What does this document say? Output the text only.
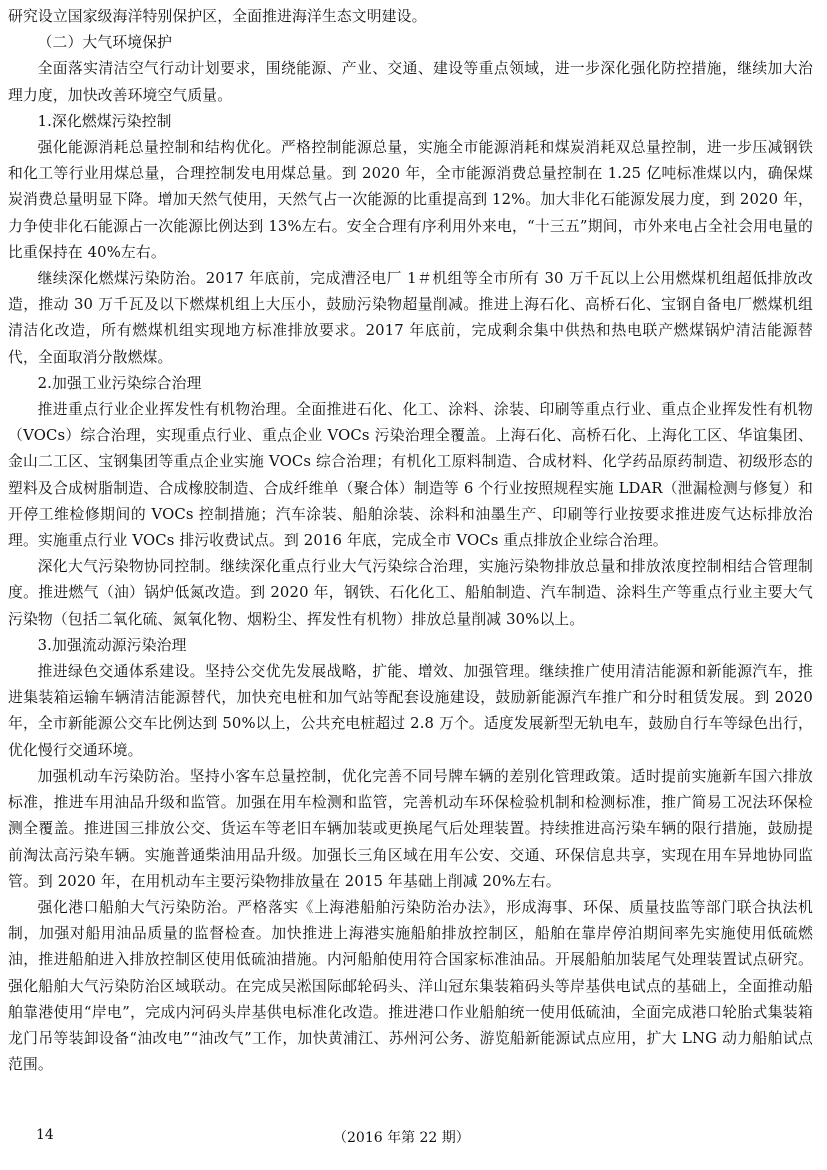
研究设立国家级海洋特别保护区，全面推进海洋生态文明建设。

（二）大气环境保护

全面落实清洁空气行动计划要求，围绕能源、产业、交通、建设等重点领域，进一步深化强化防控措施，继续加大治理力度，加快改善环境空气质量。

1.深化燃煤污染控制

强化能源消耗总量控制和结构优化。严格控制能源总量，实施全市能源消耗和煤炭消耗双总量控制，进一步压减钢铁和化工等行业用煤总量，合理控制发电用煤总量。到 2020 年，全市能源消费总量控制在 1.25 亿吨标准煤以内，确保煤炭消费总量明显下降。增加天然气使用，天然气占一次能源的比重提高到 12%。加大非化石能源发展力度，到 2020 年，力争使非化石能源占一次能源比例达到 13%左右。安全合理有序利用外来电，“十三五”期间，市外来电占全社会用电量的比重保持在 40%左右。

继续深化燃煤污染防治。2017 年底前，完成漕泾电厂 1＃机组等全市所有 30 万千瓦以上公用燃煤机组超低排放改造，推动 30 万千瓦及以下燃煤机组上大压小，鼓励污染物超量削减。推进上海石化、高桥石化、宝钢自备电厂燃煤机组清洁化改造，所有燃煤机组实现地方标准排放要求。2017 年底前，完成剩余集中供热和热电联产燃煤锅炉清洁能源替代，全面取消分散燃煤。

2.加强工业污染综合治理

推进重点行业企业挥发性有机物治理。全面推进石化、化工、涂料、涂装、印刷等重点行业、重点企业挥发性有机物（VOCs）综合治理，实现重点行业、重点企业 VOCs 污染治理全覆盖。上海石化、高桥石化、上海化工区、华谊集团、金山二工区、宝钢集团等重点企业实施 VOCs 综合治理；有机化工原料制造、合成材料、化学药品原药制造、初级形态的塑料及合成树脂制造、合成橡胶制造、合成纤维单（聚合体）制造等 6 个行业按照规程实施 LDAR（泄漏检测与修复）和开停工维检修期间的 VOCs 控制措施；汽车涂装、船舶涂装、涂料和油墨生产、印刷等行业按要求推进废气达标排放治理。实施重点行业 VOCs 排污收费试点。到 2016 年底，完成全市 VOCs 重点排放企业综合治理。

深化大气污染物协同控制。继续深化重点行业大气污染综合治理，实施污染物排放总量和排放浓度控制相结合管理制度。推进燃气（油）锅炉低氮改造。到 2020 年，钢铁、石化化工、船舶制造、汽车制造、涂料生产等重点行业主要大气污染物（包括二氧化硫、氮氧化物、烟粉尘、挥发性有机物）排放总量削减 30%以上。

3.加强流动源污染治理

推进绿色交通体系建设。坚持公交优先发展战略，扩能、增效、加强管理。继续推广使用清洁能源和新能源汽车，推进集装箱运输车辆清洁能源替代，加快充电桩和加气站等配套设施建设，鼓励新能源汽车推广和分时租赁发展。到 2020 年，全市新能源公交车比例达到 50%以上，公共充电桩超过 2.8 万个。适度发展新型无轨电车，鼓励自行车等绿色出行，优化慢行交通环境。

加强机动车污染防治。坚持小客车总量控制，优化完善不同号牌车辆的差别化管理政策。适时提前实施新车国六排放标准，推进车用油品升级和监管。加强在用车检测和监管，完善机动车环保检验机制和检测标准，推广简易工况法环保检测全覆盖。推进国三排放公交、货运车等老旧车辆加装或更换尾气后处理装置。持续推进高污染车辆的限行措施，鼓励提前淘汰高污染车辆。实施普通柴油用品升级。加强长三角区域在用车公安、交通、环保信息共享，实现在用车异地协同监管。到 2020 年，在用机动车主要污染物排放量在 2015 年基础上削减 20%左右。

强化港口船舶大气污染防治。严格落实《上海港船舶污染防治办法》，形成海事、环保、质量技监等部门联合执法机制，加强对船用油品质量的监督检查。加快推进上海港实施船舶排放控制区，船舶在靠岸停泊期间率先实施使用低硫燃油，推进船舶进入排放控制区使用低硫油措施。内河船舶使用符合国家标准油品。开展船舶加装尾气处理装置试点研究。强化船舶大气污染防治区域联动。在完成吴淞国际邮轮码头、洋山冠东集装箱码头等岸基供电试点的基础上，全面推动船舶靠港使用“岸电”，完成内河码头岸基供电标准化改造。推进港口作业船舶统一使用低硫油，全面完成港口轮胎式集装箱龙门吊等装卸设备“油改电”“油改气”工作，加快黄浦江、苏州河公务、游览船新能源试点应用，扩大 LNG 动力船舶试点范围。

14	（2016 年第 22 期）
